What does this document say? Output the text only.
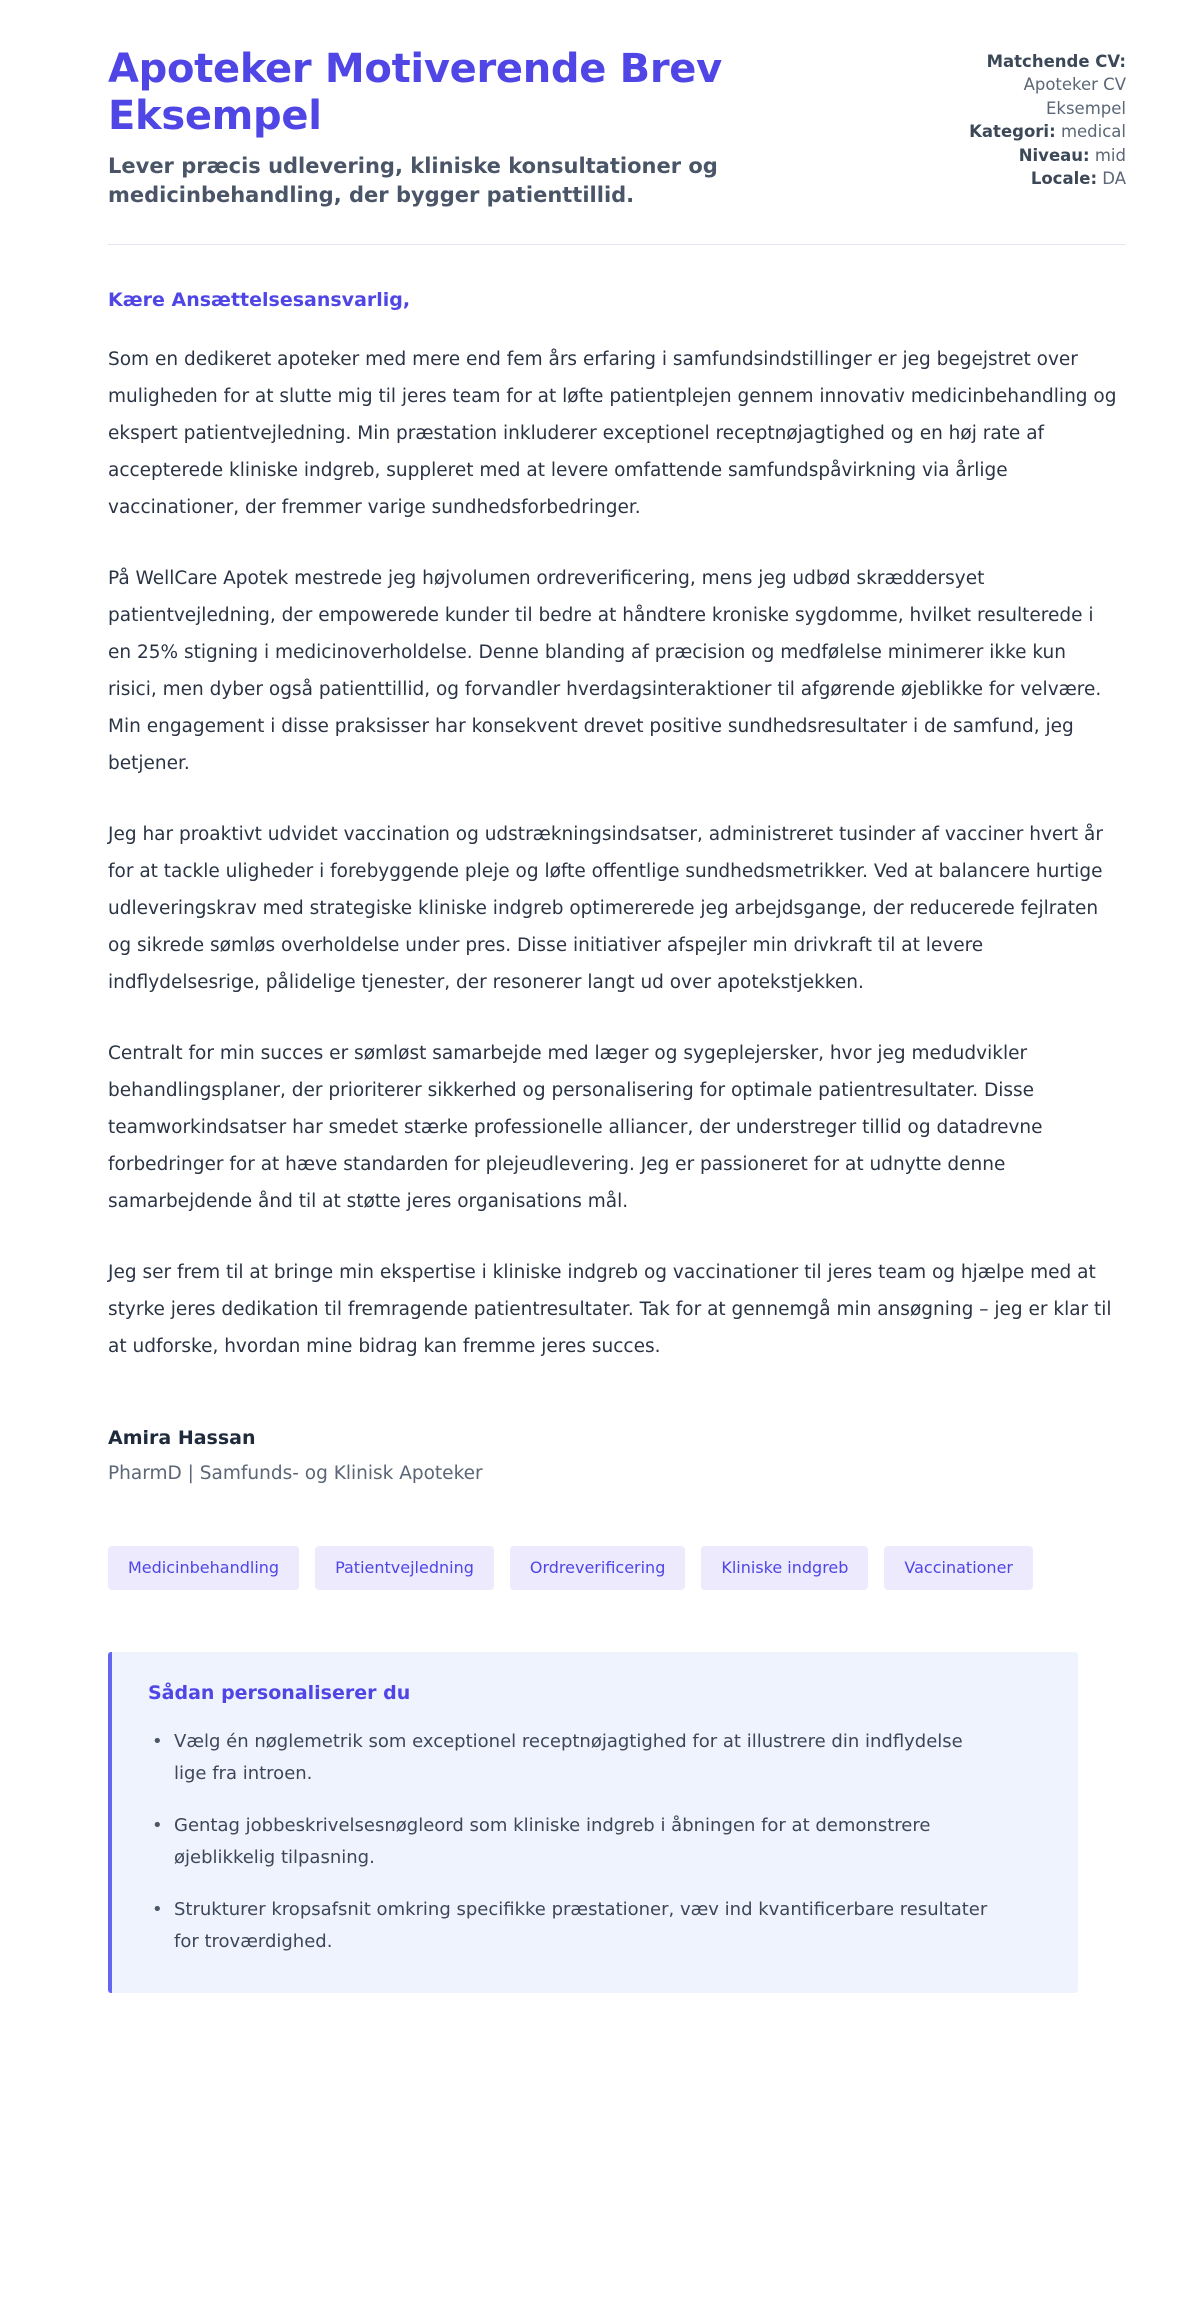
Apoteker Motiverende Brev Eksempel

Lever præcis udlevering, kliniske konsultationer og medicinbehandling, der bygger patienttillid.

Matchende CV:
Apoteker CV Eksempel
Kategori: medical
Niveau: mid
Locale: DA

Kære Ansættelsesansvarlig,

Som en dedikeret apoteker med mere end fem års erfaring i samfundsindstillinger er jeg begejstret over muligheden for at slutte mig til jeres team for at løfte patientplejen gennem innovativ medicinbehandling og ekspert patientvejledning. Min præstation inkluderer exceptionel receptnøjagtighed og en høj rate af accepterede kliniske indgreb, suppleret med at levere omfattende samfundspåvirkning via årlige vaccinationer, der fremmer varige sundhedsforbedringer.

På WellCare Apotek mestrede jeg højvolumen ordreverificering, mens jeg udbød skræddersyet patientvejledning, der empowerede kunder til bedre at håndtere kroniske sygdomme, hvilket resulterede i en 25% stigning i medicinoverholdelse. Denne blanding af præcision og medfølelse minimerer ikke kun risici, men dyber også patienttillid, og forvandler hverdagsinteraktioner til afgørende øjeblikke for velvære. Min engagement i disse praksisser har konsekvent drevet positive sundhedsresultater i de samfund, jeg betjener.

Jeg har proaktivt udvidet vaccination og udstrækningsindsatser, administreret tusinder af vacciner hvert år for at tackle uligheder i forebyggende pleje og løfte offentlige sundhedsmetrikker. Ved at balancere hurtige udleveringskrav med strategiske kliniske indgreb optimererede jeg arbejdsgange, der reducerede fejlraten og sikrede sømløs overholdelse under pres. Disse initiativer afspejler min drivkraft til at levere indflydelsesrige, pålidelige tjenester, der resonerer langt ud over apotekstjekken.

Centralt for min succes er sømløst samarbejde med læger og sygeplejersker, hvor jeg medudvikler behandlingsplaner, der prioriterer sikkerhed og personalisering for optimale patientresultater. Disse teamworkindsatser har smedet stærke professionelle alliancer, der understreger tillid og datadrevne forbedringer for at hæve standarden for plejeudlevering. Jeg er passioneret for at udnytte denne samarbejdende ånd til at støtte jeres organisations mål.

Jeg ser frem til at bringe min ekspertise i kliniske indgreb og vaccinationer til jeres team og hjælpe med at styrke jeres dedikation til fremragende patientresultater. Tak for at gennemgå min ansøgning – jeg er klar til at udforske, hvordan mine bidrag kan fremme jeres succes.

Amira Hassan

PharmD | Samfunds- og Klinisk Apoteker

Medicinbehandling	Patientvejledning	Ordreverificering	Kliniske indgreb	Vaccinationer
Sådan personaliserer du
• Vælg én nøglemetrik som exceptionel receptnøjagtighed for at illustrere din indflydelse lige fra introen.
• Gentag jobbeskrivelsesnøgleord som kliniske indgreb i åbningen for at demonstrere øjeblikkelig tilpasning.
• Strukturer kropsafsnit omkring specifikke præstationer, væv ind kvantificerbare resultater for troværdighed.
